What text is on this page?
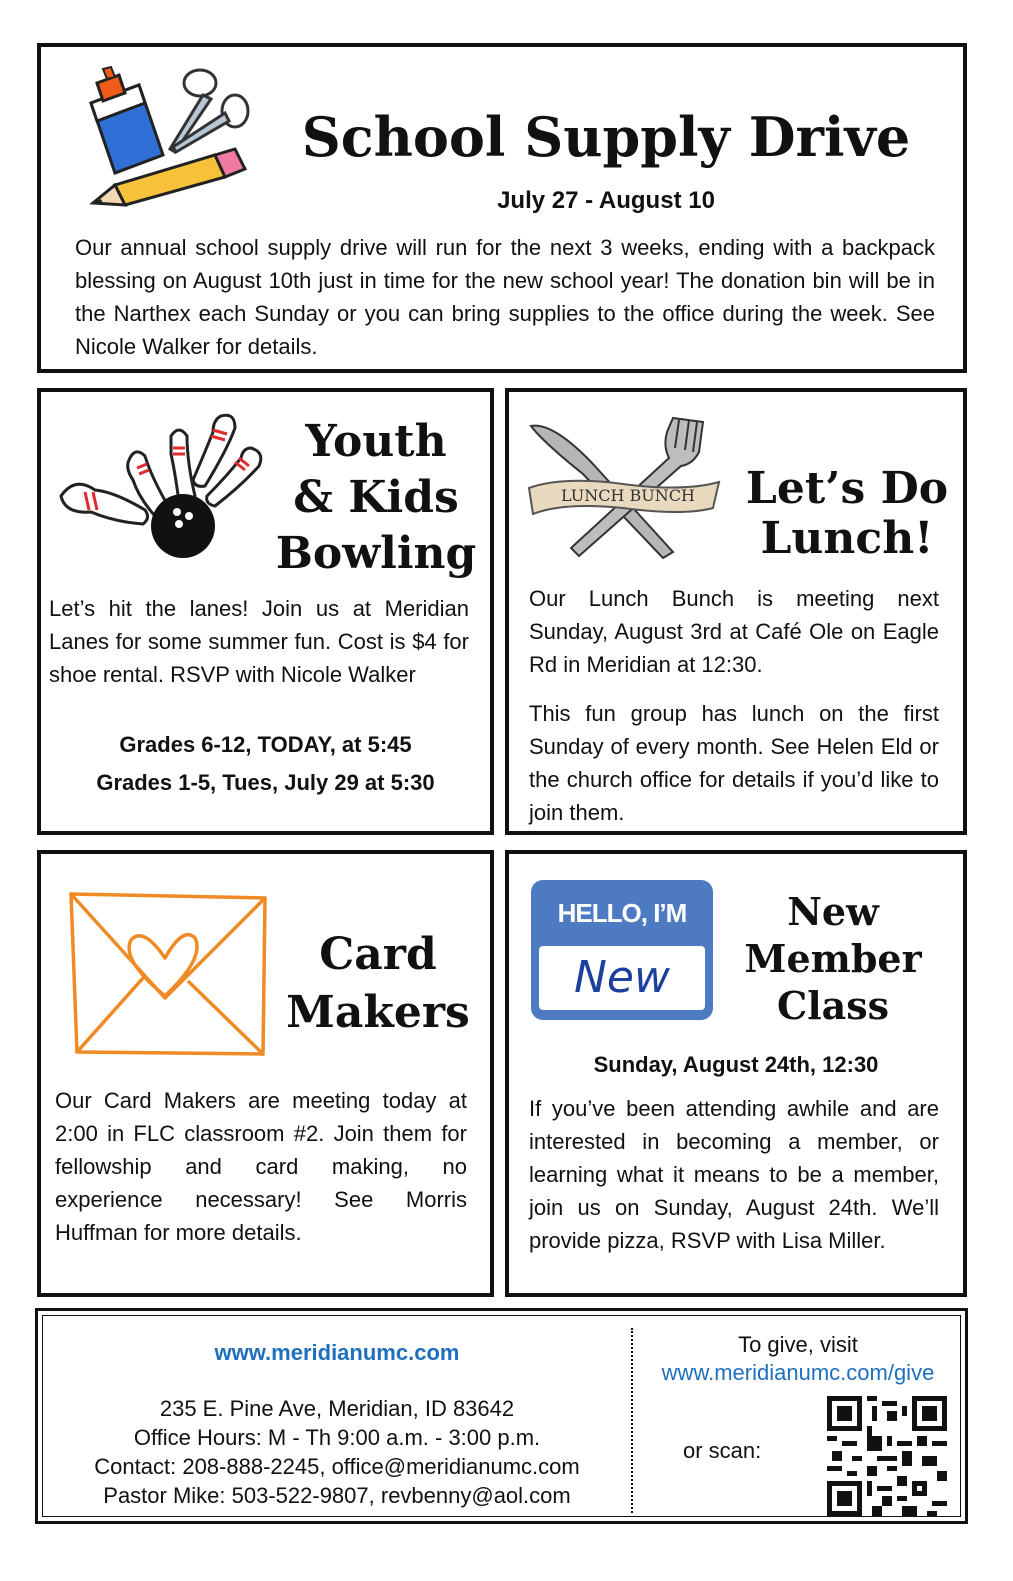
School Supply Drive
July 27 - August 10

Our annual school supply drive will run for the next 3 weeks, ending with a backpack blessing on August 10th just in time for the new school year! The donation bin will be in the Narthex each Sunday or you can bring supplies to the office during the week. See Nicole Walker for details.

Youth
& Kids
Bowling

Let’s hit the lanes! Join us at Meridian Lanes for some summer fun. Cost is $4 for shoe rental. RSVP with Nicole Walker

Grades 6-12, TODAY, at 5:45
Grades 1-5, Tues, July 29 at 5:30
LUNCH BUNCH Let’s Do
Lunch!

Our Lunch Bunch is meeting next Sunday, August 3rd at Café Ole on Eagle Rd in Meridian at 12:30.

This fun group has lunch on the first Sunday of every month. See Helen Eld or the church office for details if you’d like to join them.

Card
Makers

Our Card Makers are meeting today at 2:00 in FLC classroom #2. Join them for fellowship and card making, no experience necessary! See Morris Huffman for more details.

HELLO, I’M
New
New
Member
Class
Sunday, August 24th, 12:30

If you’ve been attending awhile and are interested in becoming a member, or learning what it means to be a member, join us on Sunday, August 24th. We’ll provide pizza, RSVP with Lisa Miller.

www.meridianumc.com
235 E. Pine Ave, Meridian, ID 83642
Office Hours: M - Th 9:00 a.m. - 3:00 p.m.
Contact: 208-888-2245, office@meridianumc.com
Pastor Mike: 503-522-9807, revbenny@aol.com
To give, visit
www.meridianumc.com/give
or scan:
